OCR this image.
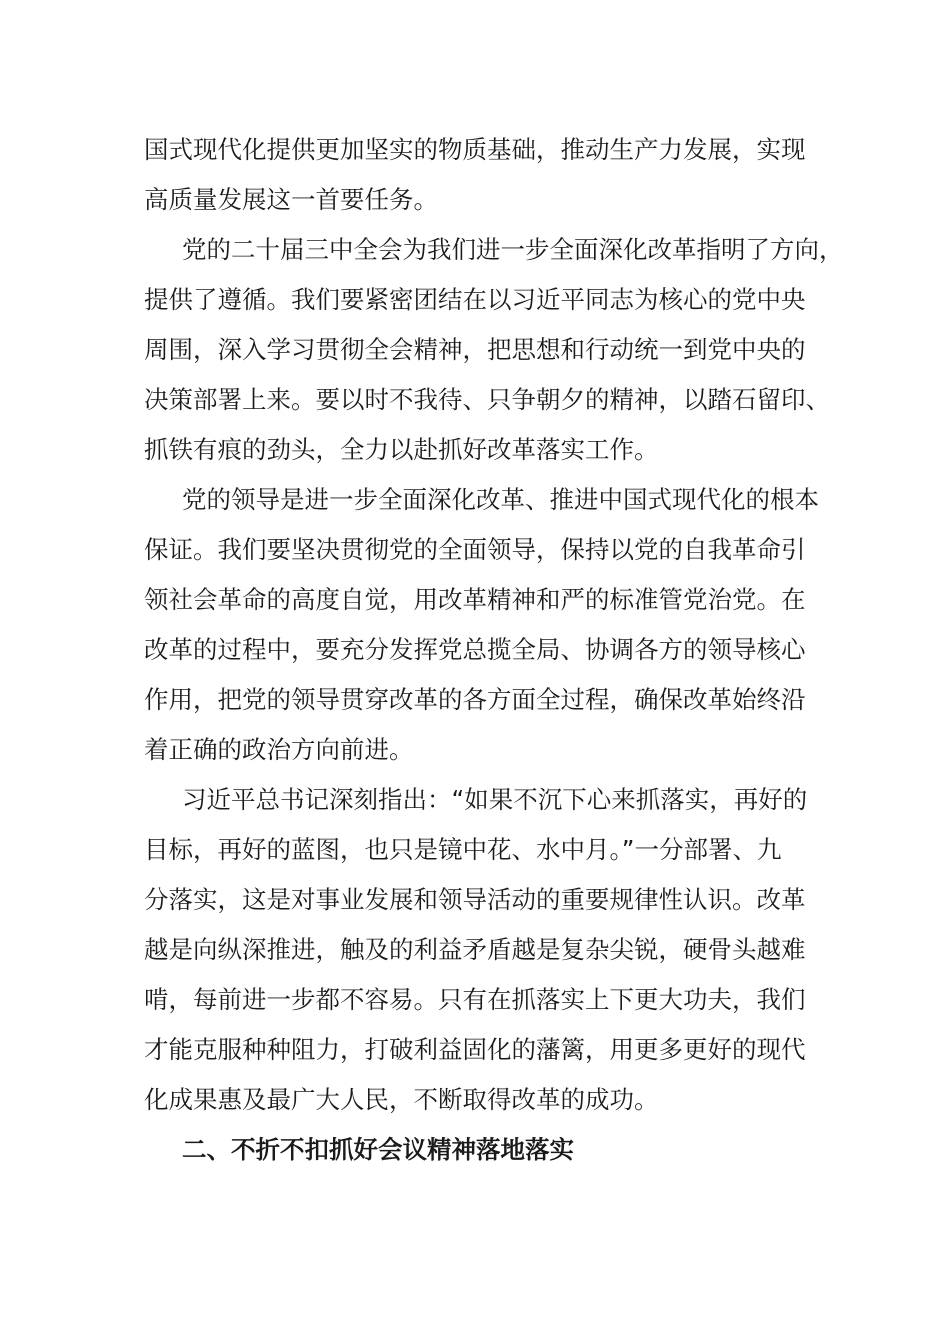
国式现代化提供更加坚实的物质基础，推动生产力发展，实现
高质量发展这一首要任务。
党的二十届三中全会为我们进一步全面深化改革指明了方向，
提供了遵循。我们要紧密团结在以习近平同志为核心的党中央
周围，深入学习贯彻全会精神，把思想和行动统一到党中央的
决策部署上来。要以时不我待、只争朝夕的精神，以踏石留印、
抓铁有痕的劲头，全力以赴抓好改革落实工作。
党的领导是进一步全面深化改革、推进中国式现代化的根本
保证。我们要坚决贯彻党的全面领导，保持以党的自我革命引
领社会革命的高度自觉，用改革精神和严的标准管党治党。在
改革的过程中，要充分发挥党总揽全局、协调各方的领导核心
作用，把党的领导贯穿改革的各方面全过程，确保改革始终沿
着正确的政治方向前进。
习近平总书记深刻指出：“如果不沉下心来抓落实，再好的
目标，再好的蓝图，也只是镜中花、水中月。”一分部署、九
分落实，这是对事业发展和领导活动的重要规律性认识。改革
越是向纵深推进，触及的利益矛盾越是复杂尖锐，硬骨头越难
啃，每前进一步都不容易。只有在抓落实上下更大功夫，我们
才能克服种种阻力，打破利益固化的藩篱，用更多更好的现代
化成果惠及最广大人民，不断取得改革的成功。
二、不折不扣抓好会议精神落地落实
